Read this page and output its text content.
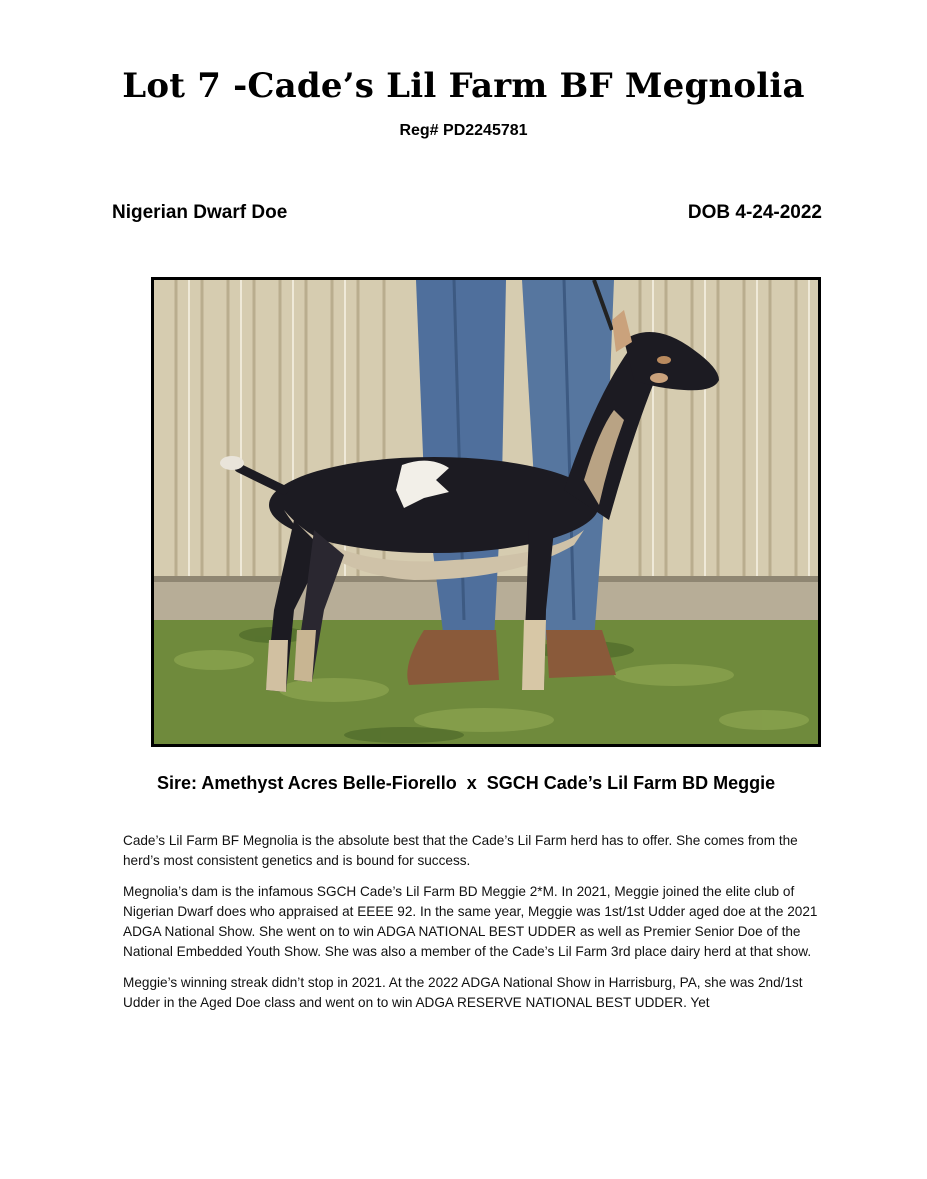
Lot 7 -Cade’s Lil Farm BF Megnolia
Reg# PD2245781
Nigerian Dwarf Doe	DOB 4-24-2022
Sire: Amethyst Acres Belle-Fiorello  x  SGCH Cade’s Lil Farm BD Meggie

Cade’s Lil Farm BF Megnolia is the absolute best that the Cade’s Lil Farm herd has to offer. She comes from the herd’s most consistent genetics and is bound for success.

Megnolia’s dam is the infamous SGCH Cade’s Lil Farm BD Meggie 2*M. In 2021, Meggie joined the elite club of Nigerian Dwarf does who appraised at EEEE 92. In the same year, Meggie was 1st/1st Udder aged doe at the 2021 ADGA National Show. She went on to win ADGA NATIONAL BEST UDDER as well as Premier Senior Doe of the National Embedded Youth Show. She was also a member of the Cade’s Lil Farm 3rd place dairy herd at that show.

Meggie’s winning streak didn’t stop in 2021. At the 2022 ADGA National Show in Harrisburg, PA, she was 2nd/1st Udder in the Aged Doe class and went on to win ADGA RESERVE NATIONAL BEST UDDER. Yet
